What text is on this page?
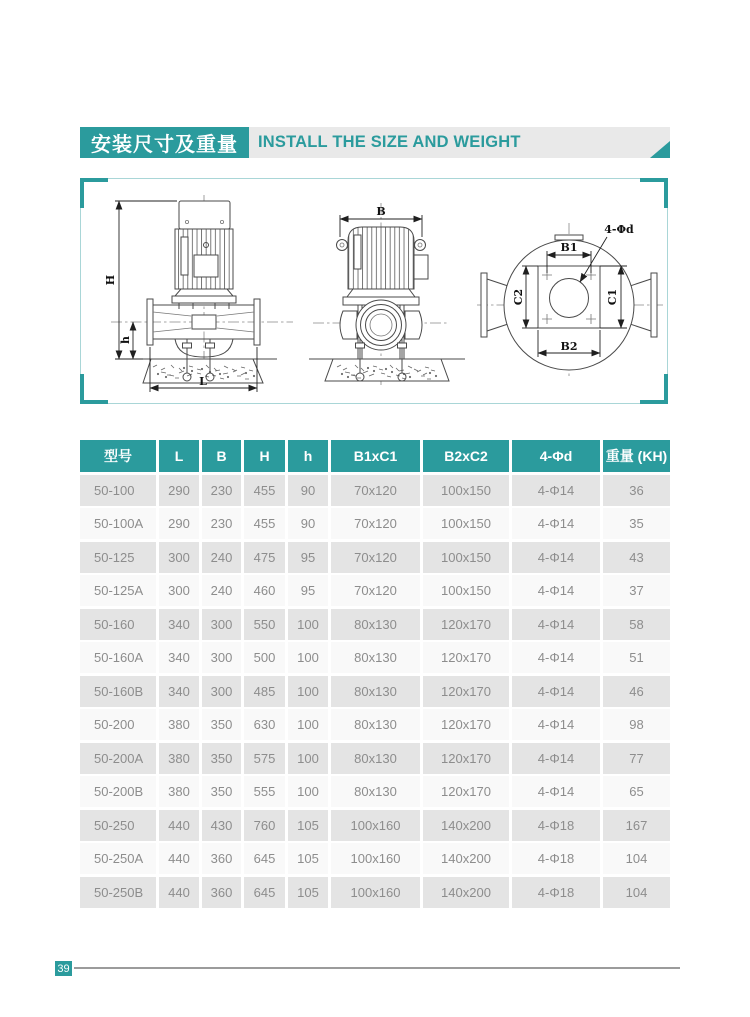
安装尺寸及重量	INSTALL THE SIZE AND WEIGHT
H
h
L
B
B1
C2	C1
B2
4-Φd
型号	L	B	H	h	B1xC1	B2xC2	4-Φd	重量 (KH)
50-100	290	230	455	90	70x120	100x150	4-Φ14	36
50-100A	290	230	455	90	70x120	100x150	4-Φ14	35
50-125	300	240	475	95	70x120	100x150	4-Φ14	43
50-125A	300	240	460	95	70x120	100x150	4-Φ14	37
50-160	340	300	550	100	80x130	120x170	4-Φ14	58
50-160A	340	300	500	100	80x130	120x170	4-Φ14	51
50-160B	340	300	485	100	80x130	120x170	4-Φ14	46
50-200	380	350	630	100	80x130	120x170	4-Φ14	98
50-200A	380	350	575	100	80x130	120x170	4-Φ14	77
50-200B	380	350	555	100	80x130	120x170	4-Φ14	65
50-250	440	430	760	105	100x160	140x200	4-Φ18	167
50-250A	440	360	645	105	100x160	140x200	4-Φ18	104
50-250B	440	360	645	105	100x160	140x200	4-Φ18	104
39
